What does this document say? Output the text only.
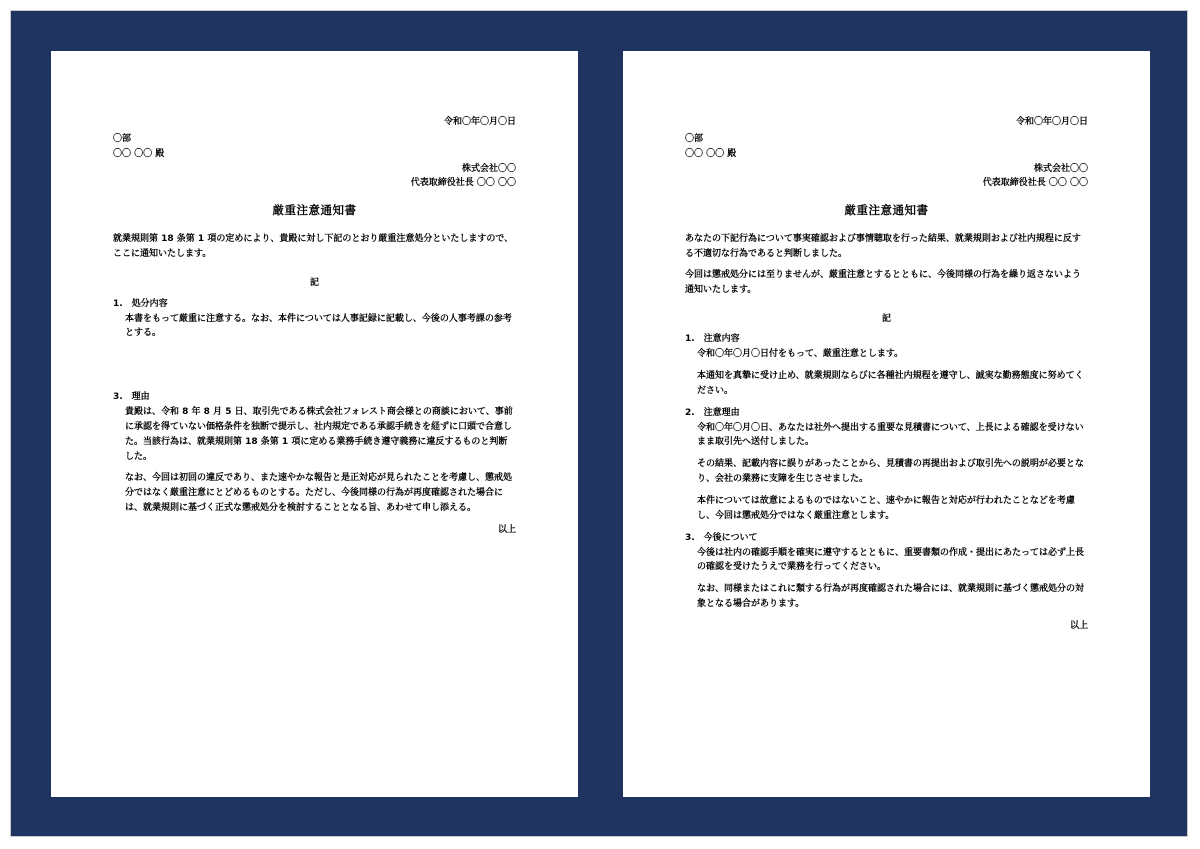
令和〇年〇月〇日
〇部
〇〇 〇〇 殿
株式会社〇〇
代表取締役社長 〇〇 〇〇
厳重注意通知書

就業規則第 18 条第 1 項の定めにより、貴殿に対し下記のとおり厳重注意処分といたしますので、ここに通知いたします。

記
1.　処分内容

本書をもって厳重に注意する。なお、本件については人事記録に記載し、今後の人事考課の参考とする。

3.　理由

貴殿は、令和 8 年 8 月 5 日、取引先である株式会社フォレスト商会様との商談において、事前に承認を得ていない価格条件を独断で提示し、社内規定である承認手続きを経ずに口頭で合意した。当該行為は、就業規則第 18 条第 1 項に定める業務手続き遵守義務に違反するものと判断した。

なお、今回は初回の違反であり、また速やかな報告と是正対応が見られたことを考慮し、懲戒処分ではなく厳重注意にとどめるものとする。ただし、今後同様の行為が再度確認された場合には、就業規則に基づく正式な懲戒処分を検討することとなる旨、あわせて申し添える。

以上
令和〇年〇月〇日
〇部
〇〇 〇〇 殿
株式会社〇〇
代表取締役社長 〇〇 〇〇
厳重注意通知書

あなたの下記行為について事実確認および事情聴取を行った結果、就業規則および社内規程に反する不適切な行為であると判断しました。

今回は懲戒処分には至りませんが、厳重注意とするとともに、今後同様の行為を繰り返さないよう通知いたします。

記
1.　注意内容

令和〇年〇月〇日付をもって、厳重注意とします。

本通知を真摯に受け止め、就業規則ならびに各種社内規程を遵守し、誠実な勤務態度に努めてください。

2.　注意理由

令和〇年〇月〇日、あなたは社外へ提出する重要な見積書について、上長による確認を受けないまま取引先へ送付しました。

その結果、記載内容に誤りがあったことから、見積書の再提出および取引先への説明が必要となり、会社の業務に支障を生じさせました。

本件については故意によるものではないこと、速やかに報告と対応が行われたことなどを考慮し、今回は懲戒処分ではなく厳重注意とします。

3.　今後について

今後は社内の確認手順を確実に遵守するとともに、重要書類の作成・提出にあたっては必ず上長の確認を受けたうえで業務を行ってください。

なお、同様またはこれに類する行為が再度確認された場合には、就業規則に基づく懲戒処分の対象となる場合があります。

以上
